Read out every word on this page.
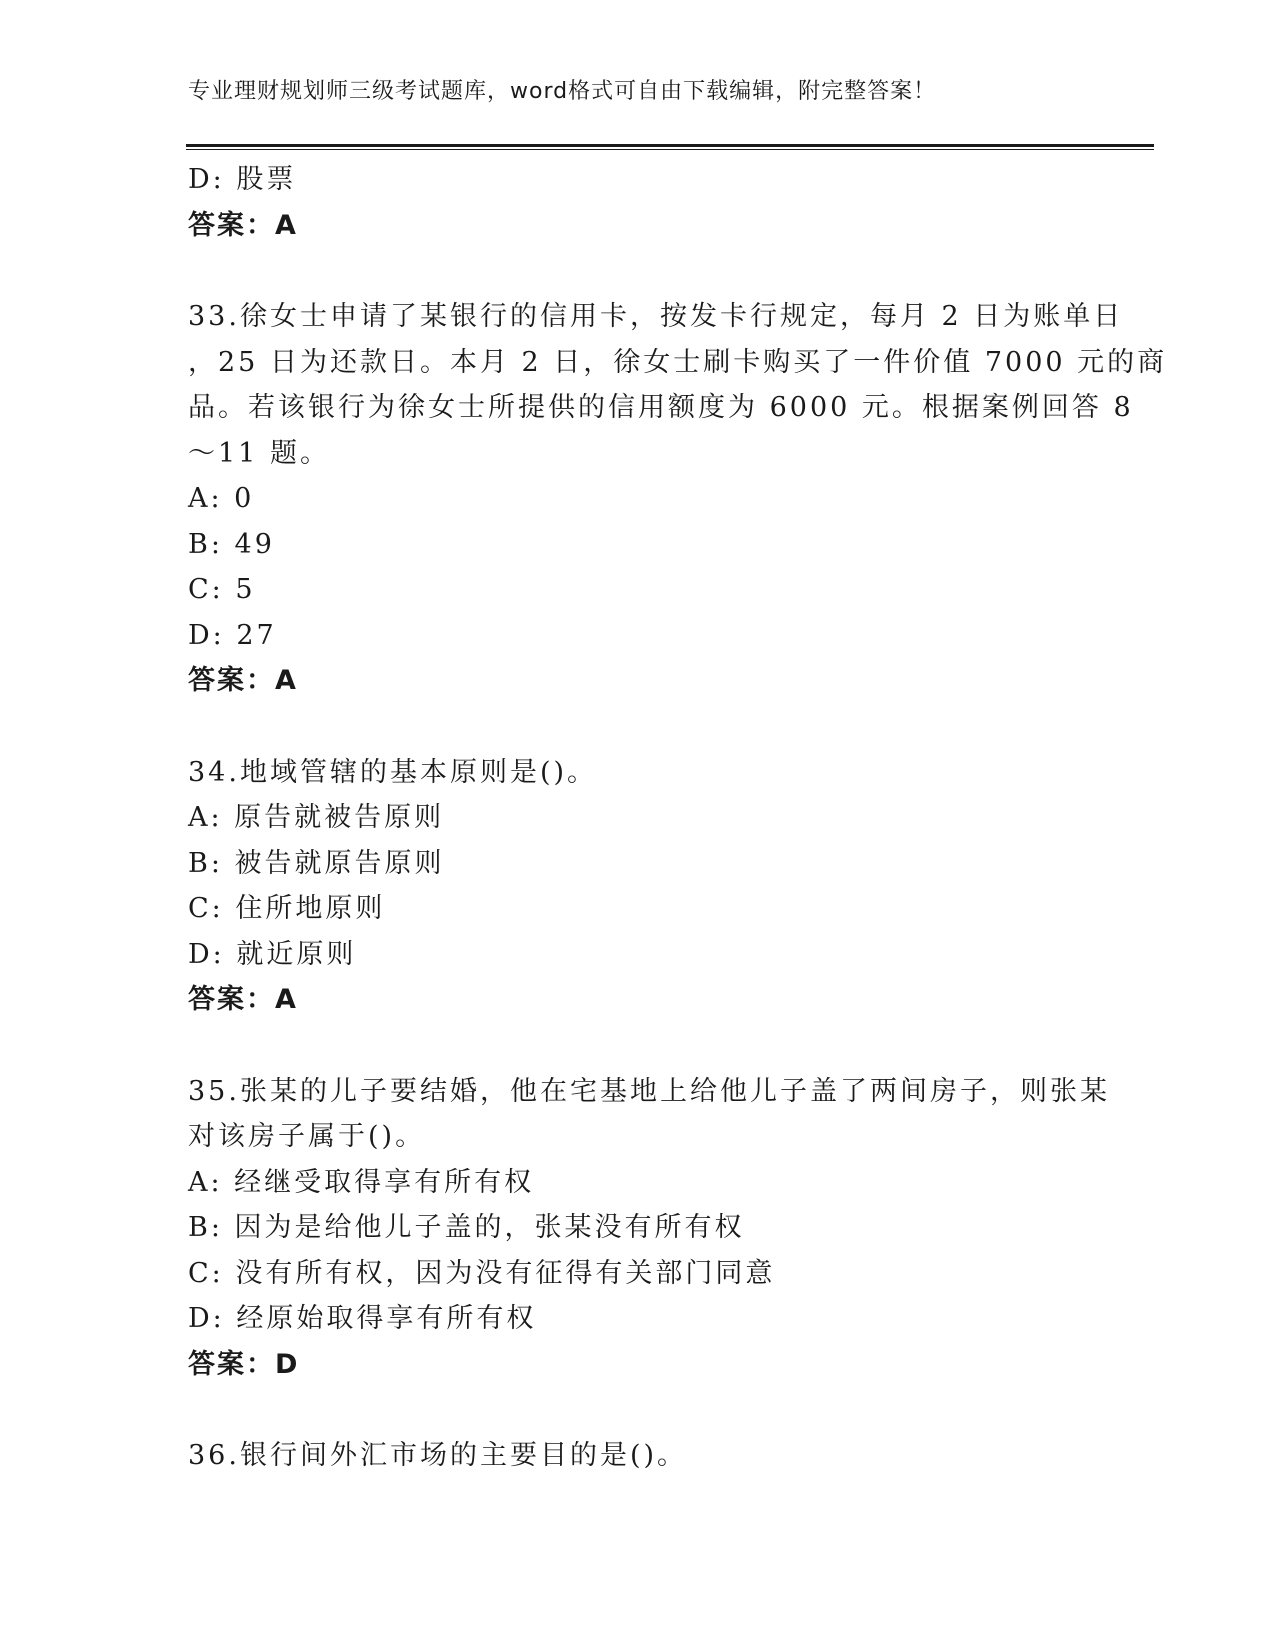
专业理财规划师三级考试题库，word格式可自由下载编辑，附完整答案！
D: 股票
答案：A
33.徐女士申请了某银行的信用卡，按发卡行规定，每月 2 日为账单日
，25 日为还款日。本月 2 日，徐女士刷卡购买了一件价值 7000 元的商
品。若该银行为徐女士所提供的信用额度为 6000 元。根据案例回答 8
～11 题。
A: 0
B: 49
C: 5
D: 27
答案：A
34.地域管辖的基本原则是()。
A: 原告就被告原则
B: 被告就原告原则
C: 住所地原则
D: 就近原则
答案：A
35.张某的儿子要结婚，他在宅基地上给他儿子盖了两间房子，则张某
对该房子属于()。
A: 经继受取得享有所有权
B: 因为是给他儿子盖的，张某没有所有权
C: 没有所有权，因为没有征得有关部门同意
D: 经原始取得享有所有权
答案：D
36.银行间外汇市场的主要目的是()。
